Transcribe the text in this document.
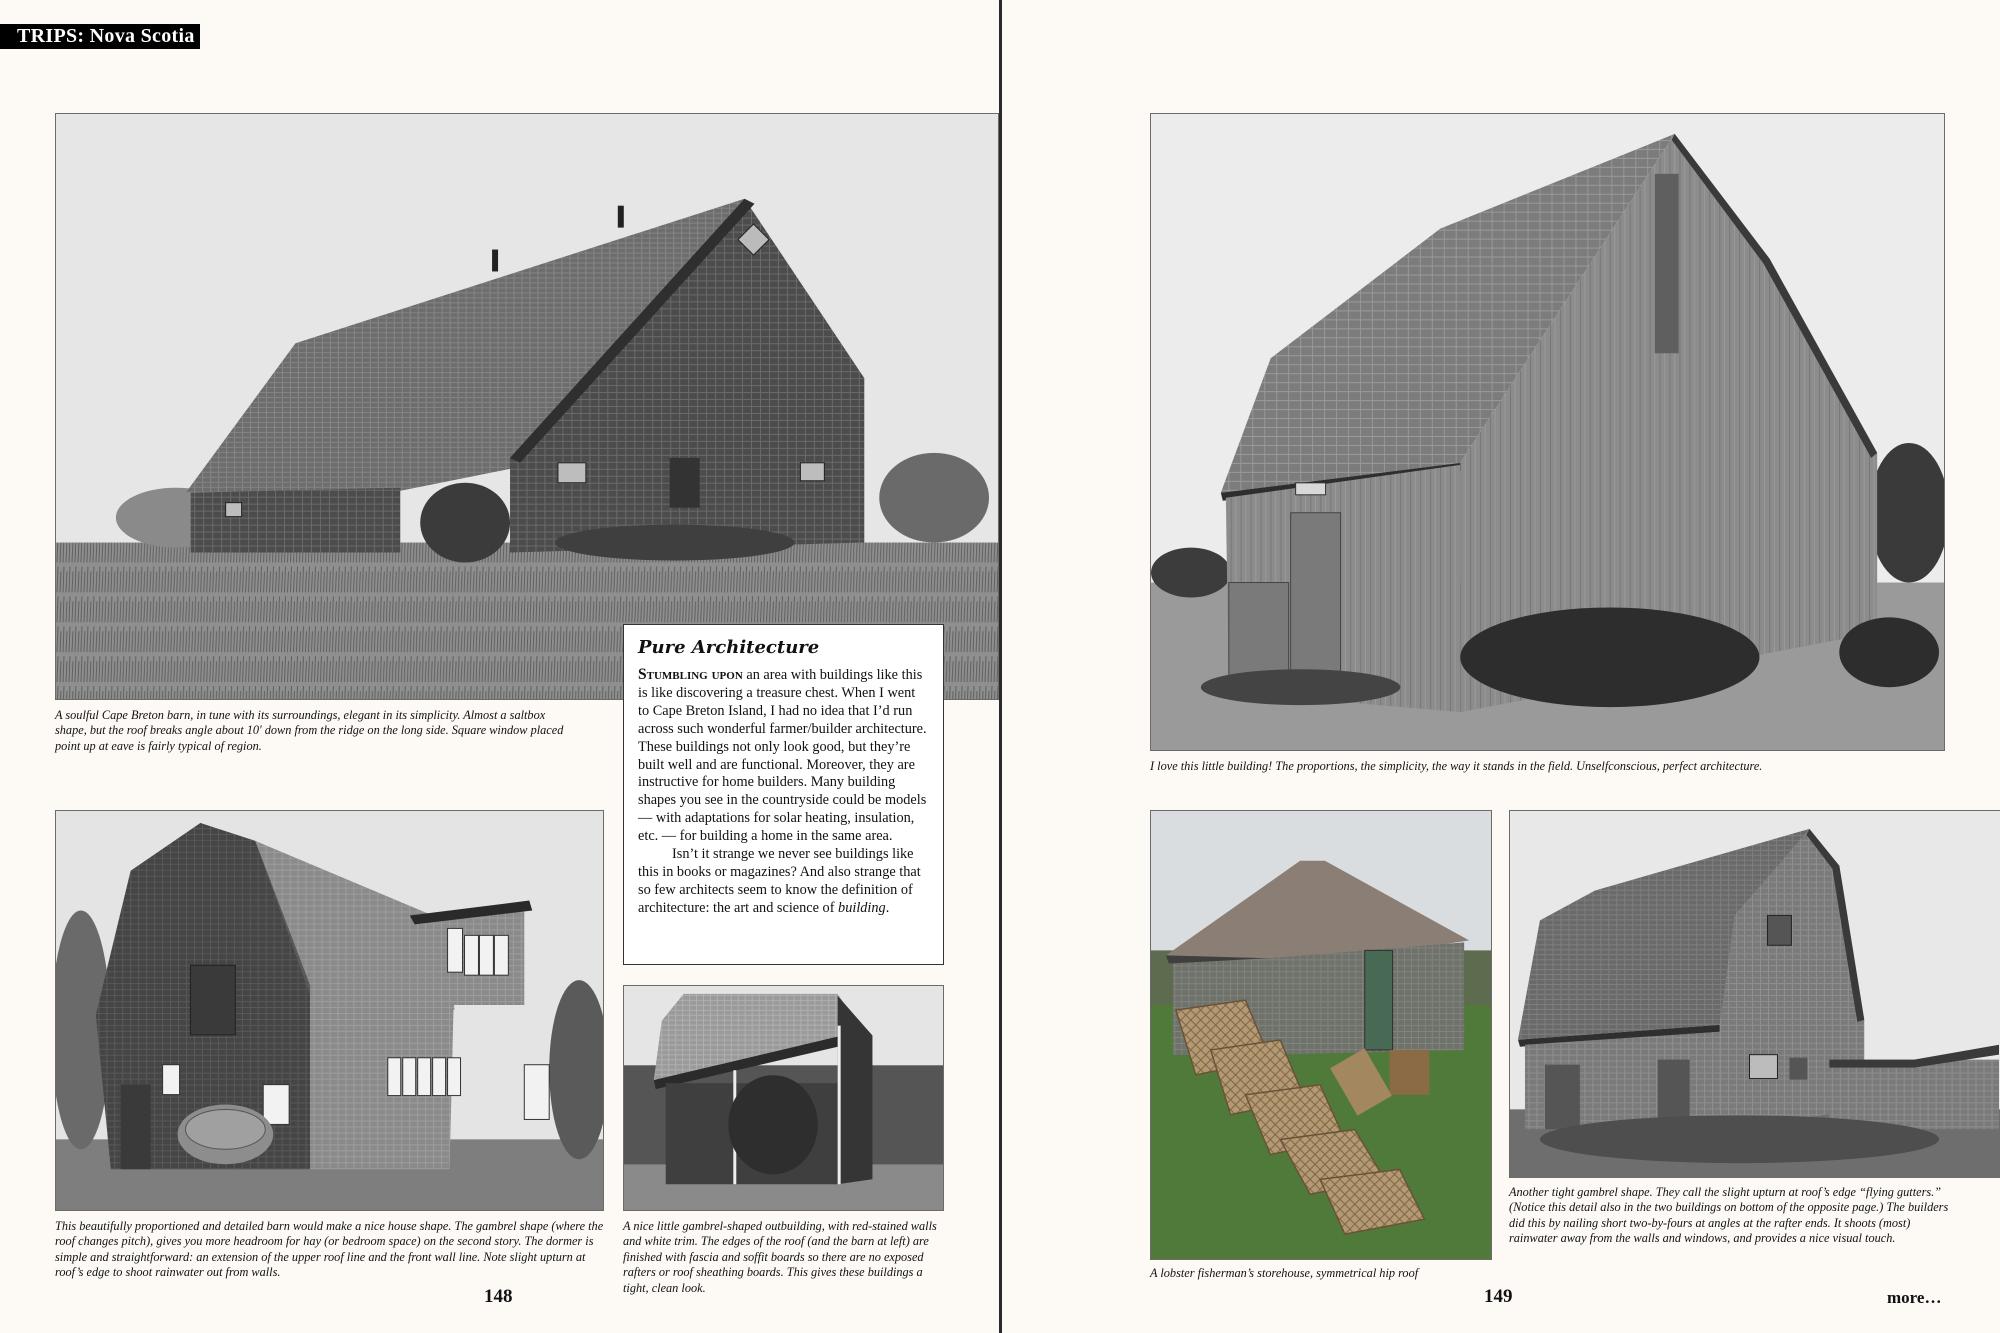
TRIPS: Nova Scotia
A soulful Cape Breton barn, in tune with its surroundings, elegant in its simplicity. Almost a saltbox shape, but the roof breaks angle about 10' down from the ridge on the long side. Square window placed point up at eave is fairly typical of region.
Pure Architecture

Stumbling upon an area with buildings like this is like discovering a treasure chest. When I went to Cape Breton Island, I had no idea that I’d run across such wonderful farmer/builder architecture. These buildings not only look good, but they’re built well and are functional. Moreover, they are instructive for home builders. Many building shapes you see in the countryside could be models — with adaptations for solar heating, insulation, etc. — for building a home in the same area.

Isn’t it strange we never see buildings like this in books or magazines? And also strange that so few architects seem to know the definition of architecture: the art and science of building.

This beautifully proportioned and detailed barn would make a nice house shape. The gambrel shape (where the roof changes pitch), gives you more headroom for hay (or bedroom space) on the second story. The dormer is simple and straightforward: an extension of the upper roof line and the front wall line. Note slight upturn at roof’s edge to shoot rainwater out from walls.
A nice little gambrel-shaped outbuilding, with red-stained walls and white trim. The edges of the roof (and the barn at left) are finished with fascia and soffit boards so there are no exposed rafters or roof sheathing boards. This gives these buildings a tight, clean look.
148
I love this little building! The proportions, the simplicity, the way it stands in the field. Unselfconscious, perfect architecture.
A lobster fisherman’s storehouse, symmetrical hip roof
Another tight gambrel shape. They call the slight upturn at roof’s edge “flying gutters.” (Notice this detail also in the two buildings on bottom of the opposite page.) The builders did this by nailing short two-by-fours at angles at the rafter ends. It shoots (most) rainwater away from the walls and windows, and provides a nice visual touch.
149	more…
